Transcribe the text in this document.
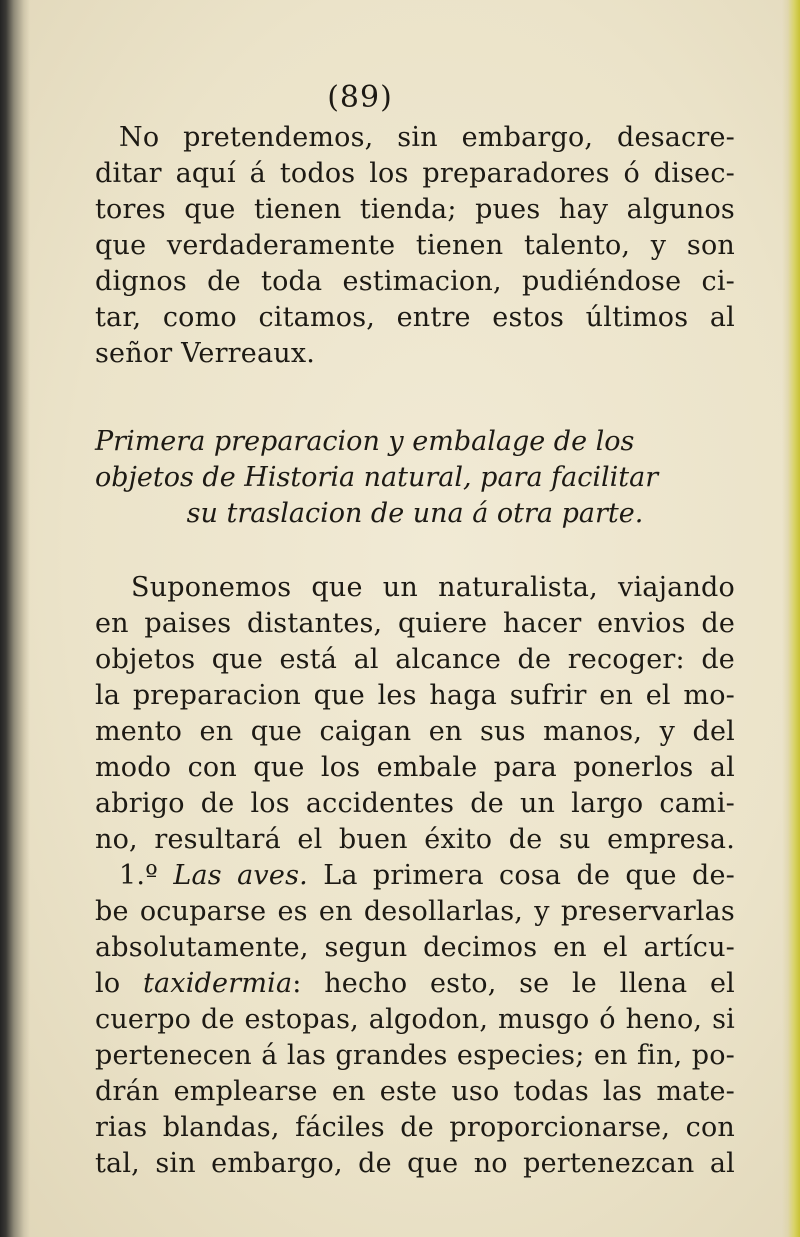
(89)
No pretendemos, sin embargo, desacre-
ditar aquí á todos los preparadores ó disec-
tores que tienen tienda; pues hay algunos
que verdaderamente tienen talento, y son
dignos de toda estimacion, pudiéndose ci-
tar, como citamos, entre estos últimos al
señor Verreaux.
Primera preparacion y embalage de los
objetos de Historia natural, para facilitar
su traslacion de una á otra parte.
Suponemos que un naturalista, viajando
en paises distantes, quiere hacer envios de
objetos que está al alcance de recoger: de
la preparacion que les haga sufrir en el mo-
mento en que caigan en sus manos, y del
modo con que los embale para ponerlos al
abrigo de los accidentes de un largo cami-
no, resultará el buen éxito de su empresa.
1.º Las aves. La primera cosa de que de-
be ocuparse es en desollarlas, y preservarlas
absolutamente, segun decimos en el artícu-
lo taxidermia: hecho esto, se le llena el
cuerpo de estopas, algodon, musgo ó heno, si
pertenecen á las grandes especies; en fin, po-
drán emplearse en este uso todas las mate-
rias blandas, fáciles de proporcionarse, con
tal, sin embargo, de que no pertenezcan al
